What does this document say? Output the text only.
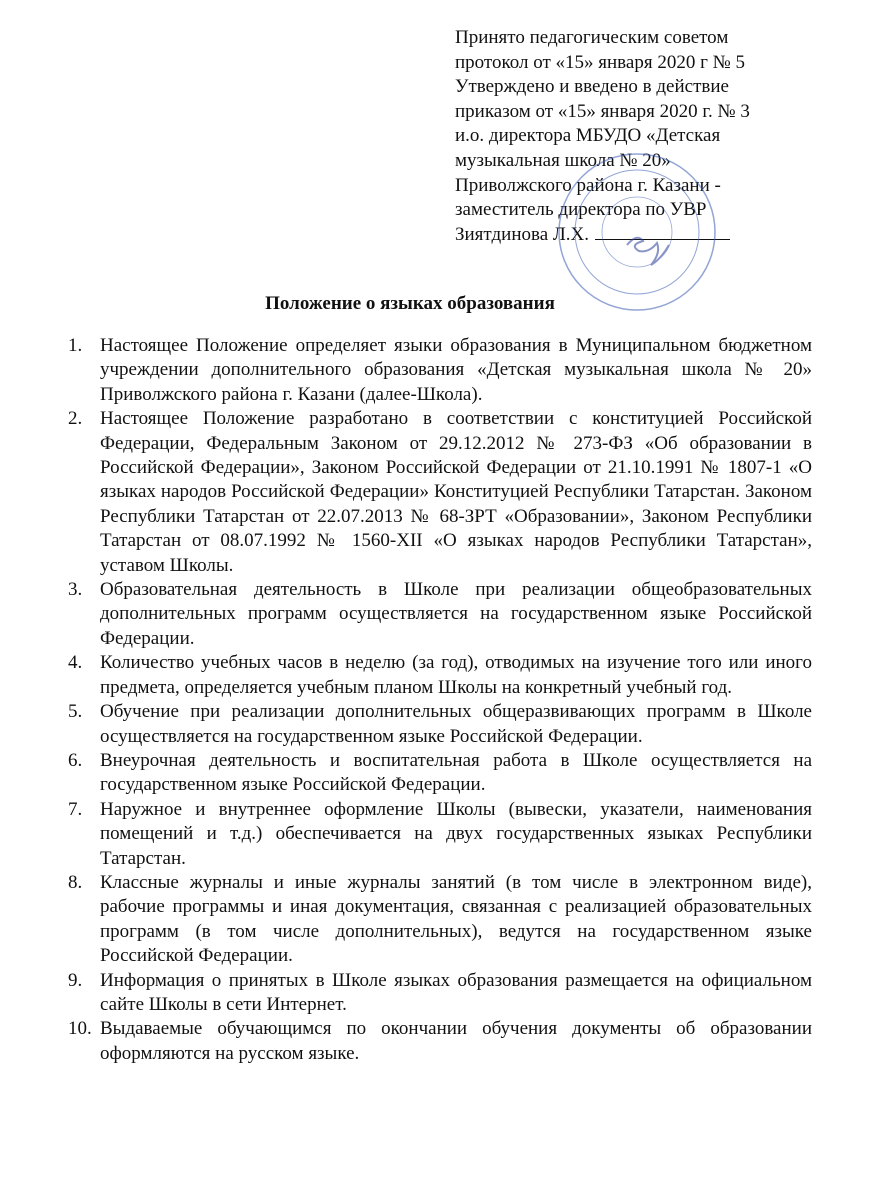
Принято педагогическим советом
протокол от «15» января 2020 г № 5
Утверждено и введено в действие
приказом от «15» января 2020 г. № 3
и.о. директора МБУДО «Детская
музыкальная школа № 20»
Приволжского района г. Казани -
заместитель директора по УВР
Зиятдинова Л.Х.
Положение о языках образования
1. Настоящее Положение определяет языки образования в Муниципальном бюджетном учреждении дополнительного образования «Детская музыкальная школа № 20» Приволжского района г. Казани (далее-Школа).
2. Настоящее Положение разработано в соответствии с конституцией Российской Федерации, Федеральным Законом от 29.12.2012 № 273-ФЗ «Об образовании в Российской Федерации», Законом Российской Федерации от 21.10.1991 № 1807-1 «О языках народов Российской Федерации» Конституцией Республики Татарстан. Законом Республики Татарстан от 22.07.2013 № 68-ЗРТ «Образовании», Законом Республики Татарстан от 08.07.1992 № 1560-XII «О языках народов Республики Татарстан», уставом Школы.
3. Образовательная деятельность в Школе при реализации общеобразовательных дополнительных программ осуществляется на государственном языке Российской Федерации.
4. Количество учебных часов в неделю (за год), отводимых на изучение того или иного предмета, определяется учебным планом Школы на конкретный учебный год.
5. Обучение при реализации дополнительных общеразвивающих программ в Школе осуществляется на государственном языке Российской Федерации.
6. Внеурочная деятельность и воспитательная работа в Школе осуществляется на государственном языке Российской Федерации.
7. Наружное и внутреннее оформление Школы (вывески, указатели, наименования помещений и т.д.) обеспечивается на двух государственных языках Республики Татарстан.
8. Классные журналы и иные журналы занятий (в том числе в электронном виде), рабочие программы и иная документация, связанная с реализацией образовательных программ (в том числе дополнительных), ведутся на государственном языке Российской Федерации.
9. Информация о принятых в Школе языках образования размещается на официальном сайте Школы в сети Интернет.
10. Выдаваемые обучающимся по окончании обучения документы об образовании оформляются на русском языке.
